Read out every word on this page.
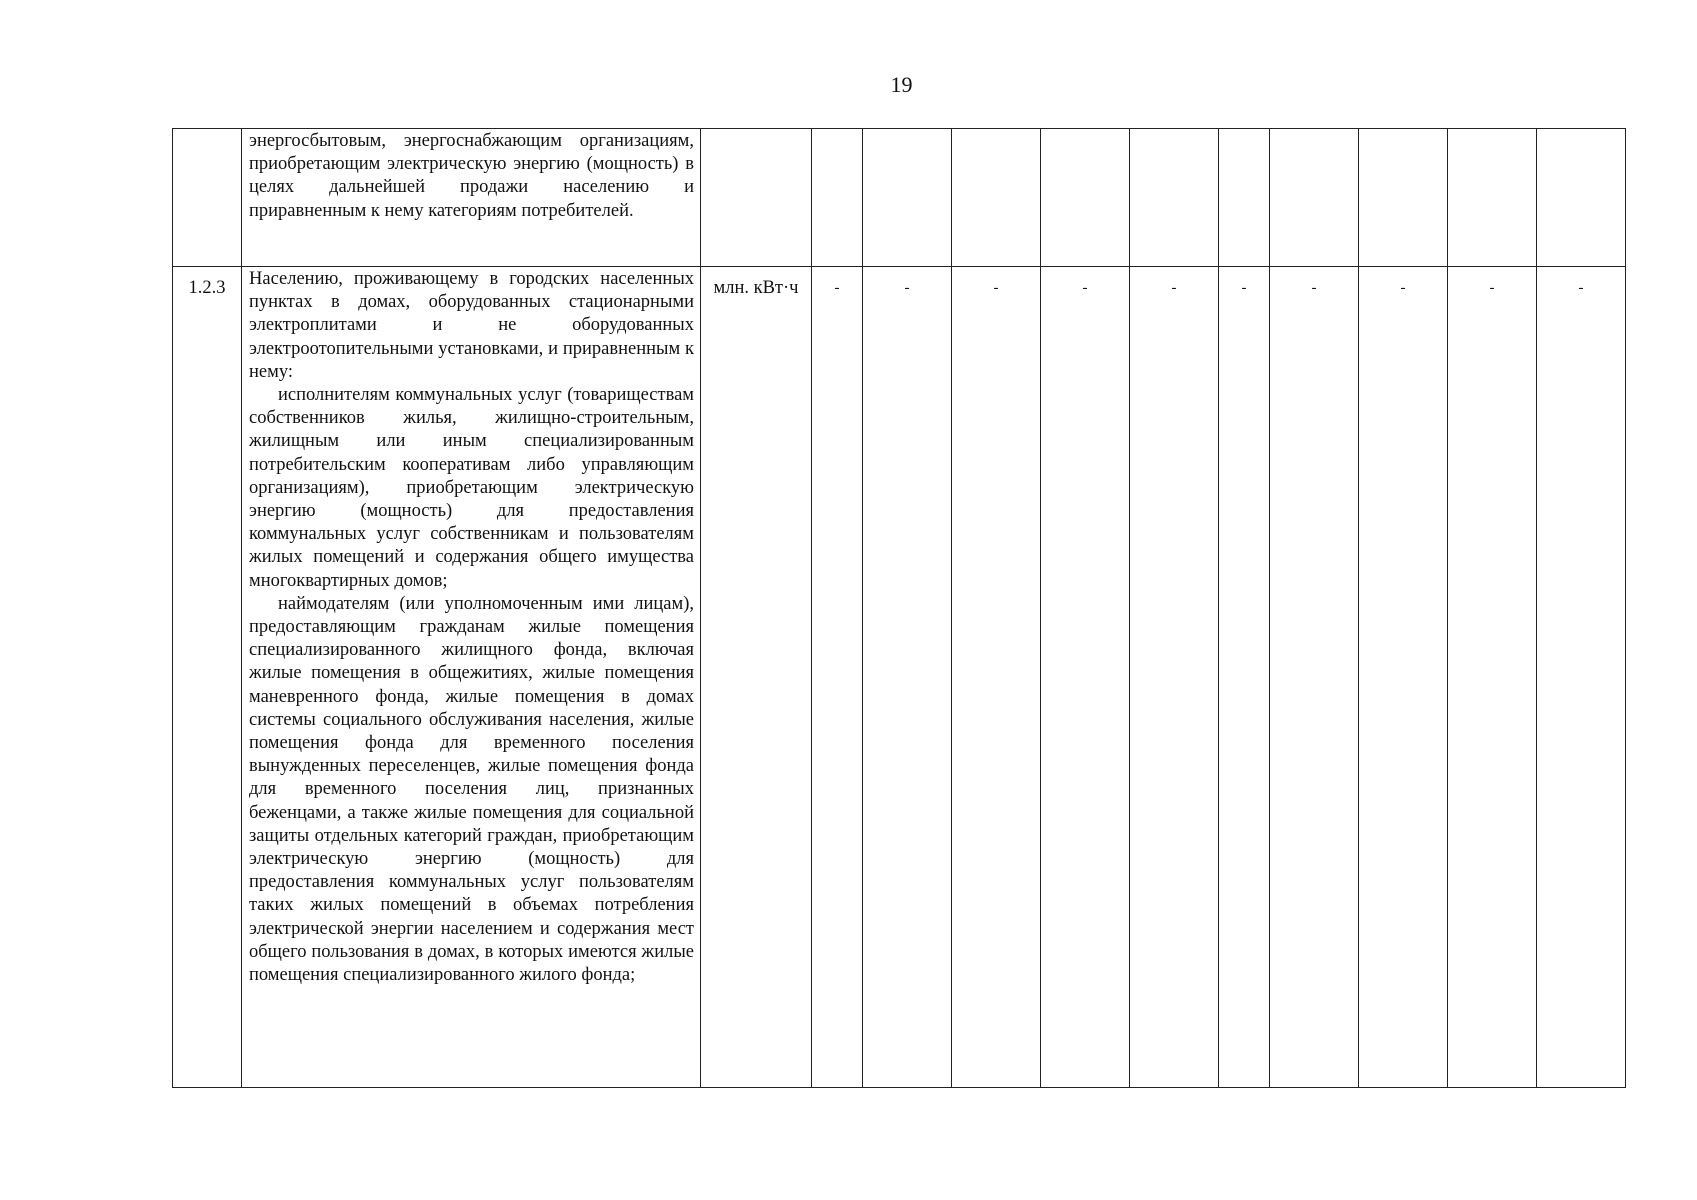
19

	энергосбытовым, энергоснабжающим организациям, приобретающим электрическую энергию (мощность) в целях дальнейшей продажи населению и приравненным к нему категориям потребителей.											

1.2.3	Населению, проживающему в городских населенных пунктах в домах, оборудованных стационарными электроплитами и не оборудованных электроотопительными установками, и приравненным к нему:

исполнителям коммунальных услуг (товариществам собственников жилья, жилищно-строительным, жилищным или иным специализированным потребительским кооперативам либо управляющим организациям), приобретающим электрическую энергию (мощность) для предоставления коммунальных услуг собственникам и пользователям жилых помещений и содержания общего имущества многоквартирных домов;

наймодателям (или уполномоченным ими лицам), предоставляющим гражданам жилые помещения специализированного жилищного фонда, включая жилые помещения в общежитиях, жилые помещения маневренного фонда, жилые помещения в домах системы социального обслуживания населения, жилые помещения фонда для временного поселения вынужденных переселенцев, жилые помещения фонда для временного поселения лиц, признанных беженцами, а также жилые помещения для социальной защиты отдельных категорий граждан, приобретающим электрическую энергию (мощность) для предоставления коммунальных услуг пользователям таких жилых помещений в объемах потребления электрической энергии населением и содержания мест общего пользования в домах, в которых имеются жилые помещения специализированного жилого фонда;	млн. кВт·ч	-	-	-	-	-	-	-	-	-	-
